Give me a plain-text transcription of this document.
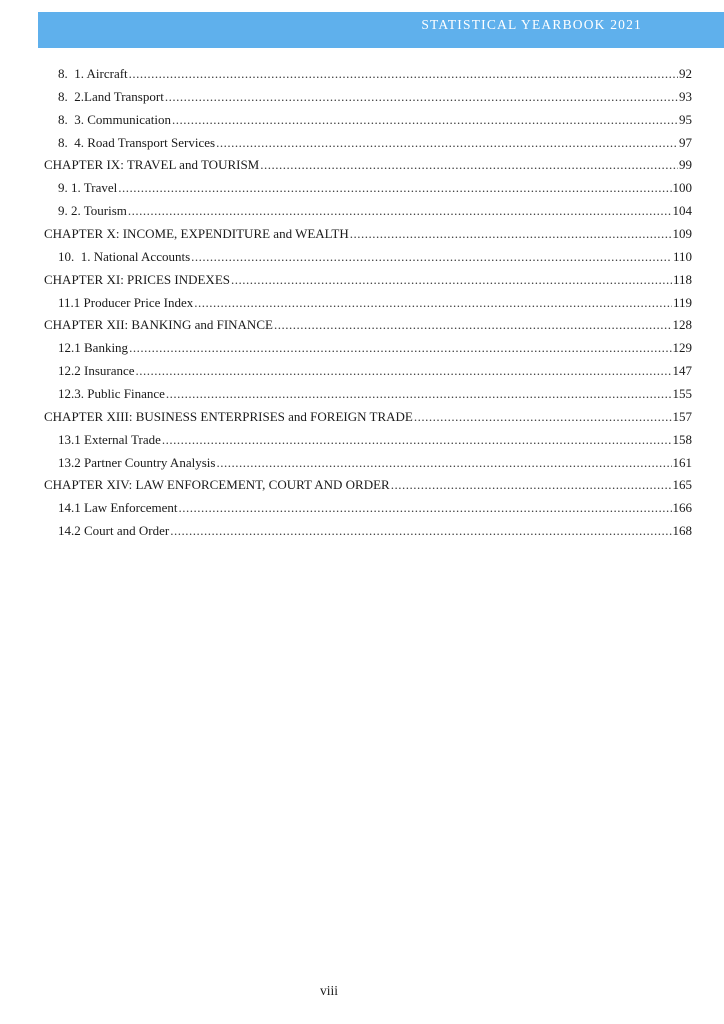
STATISTICAL YEARBOOK 2021
8.  1. Aircraft .....	92
8.  2.Land Transport .....	93
8.  3. Communication .....	95
8.  4. Road Transport Services .....	97
CHAPTER IX: TRAVEL and TOURISM .....	99
9. 1. Travel .....	100
9. 2. Tourism .....	104
CHAPTER X: INCOME, EXPENDITURE and WEALTH .....	109
10.  1. National Accounts .....	110
CHAPTER XI: PRICES INDEXES .....	118
11.1 Producer Price Index .....	119
CHAPTER XII: BANKING and FINANCE .....	128
12.1 Banking .....	129
12.2 Insurance .....	147
12.3. Public Finance .....	155
CHAPTER XIII: BUSINESS ENTERPRISES and FOREIGN TRADE .....	157
13.1 External Trade .....	158
13.2 Partner Country Analysis .....	161
CHAPTER XIV: LAW ENFORCEMENT, COURT AND ORDER .....	165
14.1 Law Enforcement .....	166
14.2 Court and Order .....	168
viii
